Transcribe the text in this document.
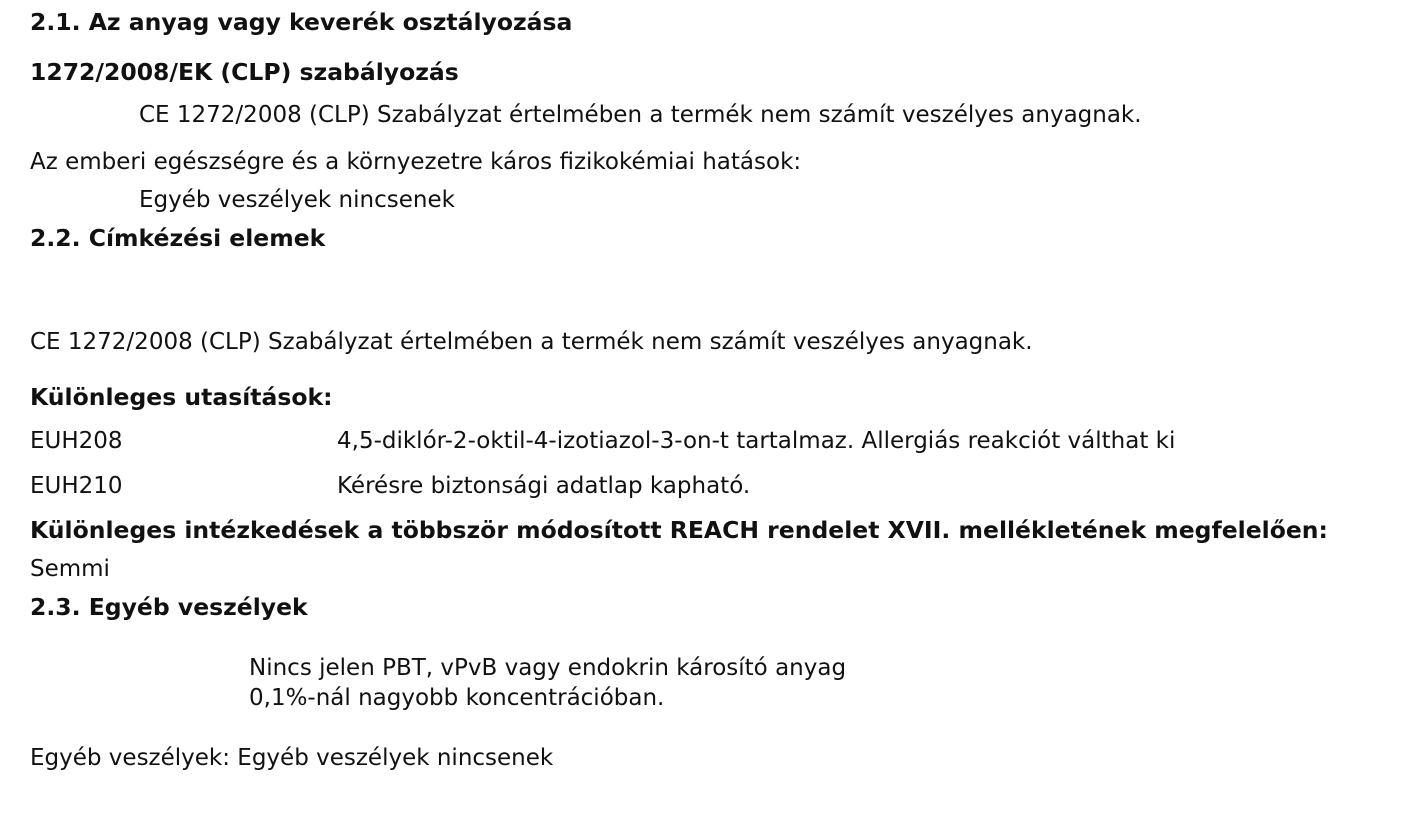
2.1. Az anyag vagy keverék osztályozása
1272/2008/EK (CLP) szabályozás
CE 1272/2008 (CLP) Szabályzat értelmében a termék nem számít veszélyes anyagnak.
Az emberi egészségre és a környezetre káros fizikokémiai hatások:
Egyéb veszélyek nincsenek
2.2. Címkézési elemek
CE 1272/2008 (CLP) Szabályzat értelmében a termék nem számít veszélyes anyagnak.
Különleges utasítások:
EUH208	4,5-diklór-2-oktil-4-izotiazol-3-on-t tartalmaz. Allergiás reakciót válthat ki
EUH210	Kérésre biztonsági adatlap kapható.
Különleges intézkedések a többször módosított REACH rendelet XVII. mellékletének megfelelően:
Semmi
2.3. Egyéb veszélyek
Nincs jelen PBT, vPvB vagy endokrin károsító anyag
0,1%-nál nagyobb koncentrációban.
Egyéb veszélyek: Egyéb veszélyek nincsenek
